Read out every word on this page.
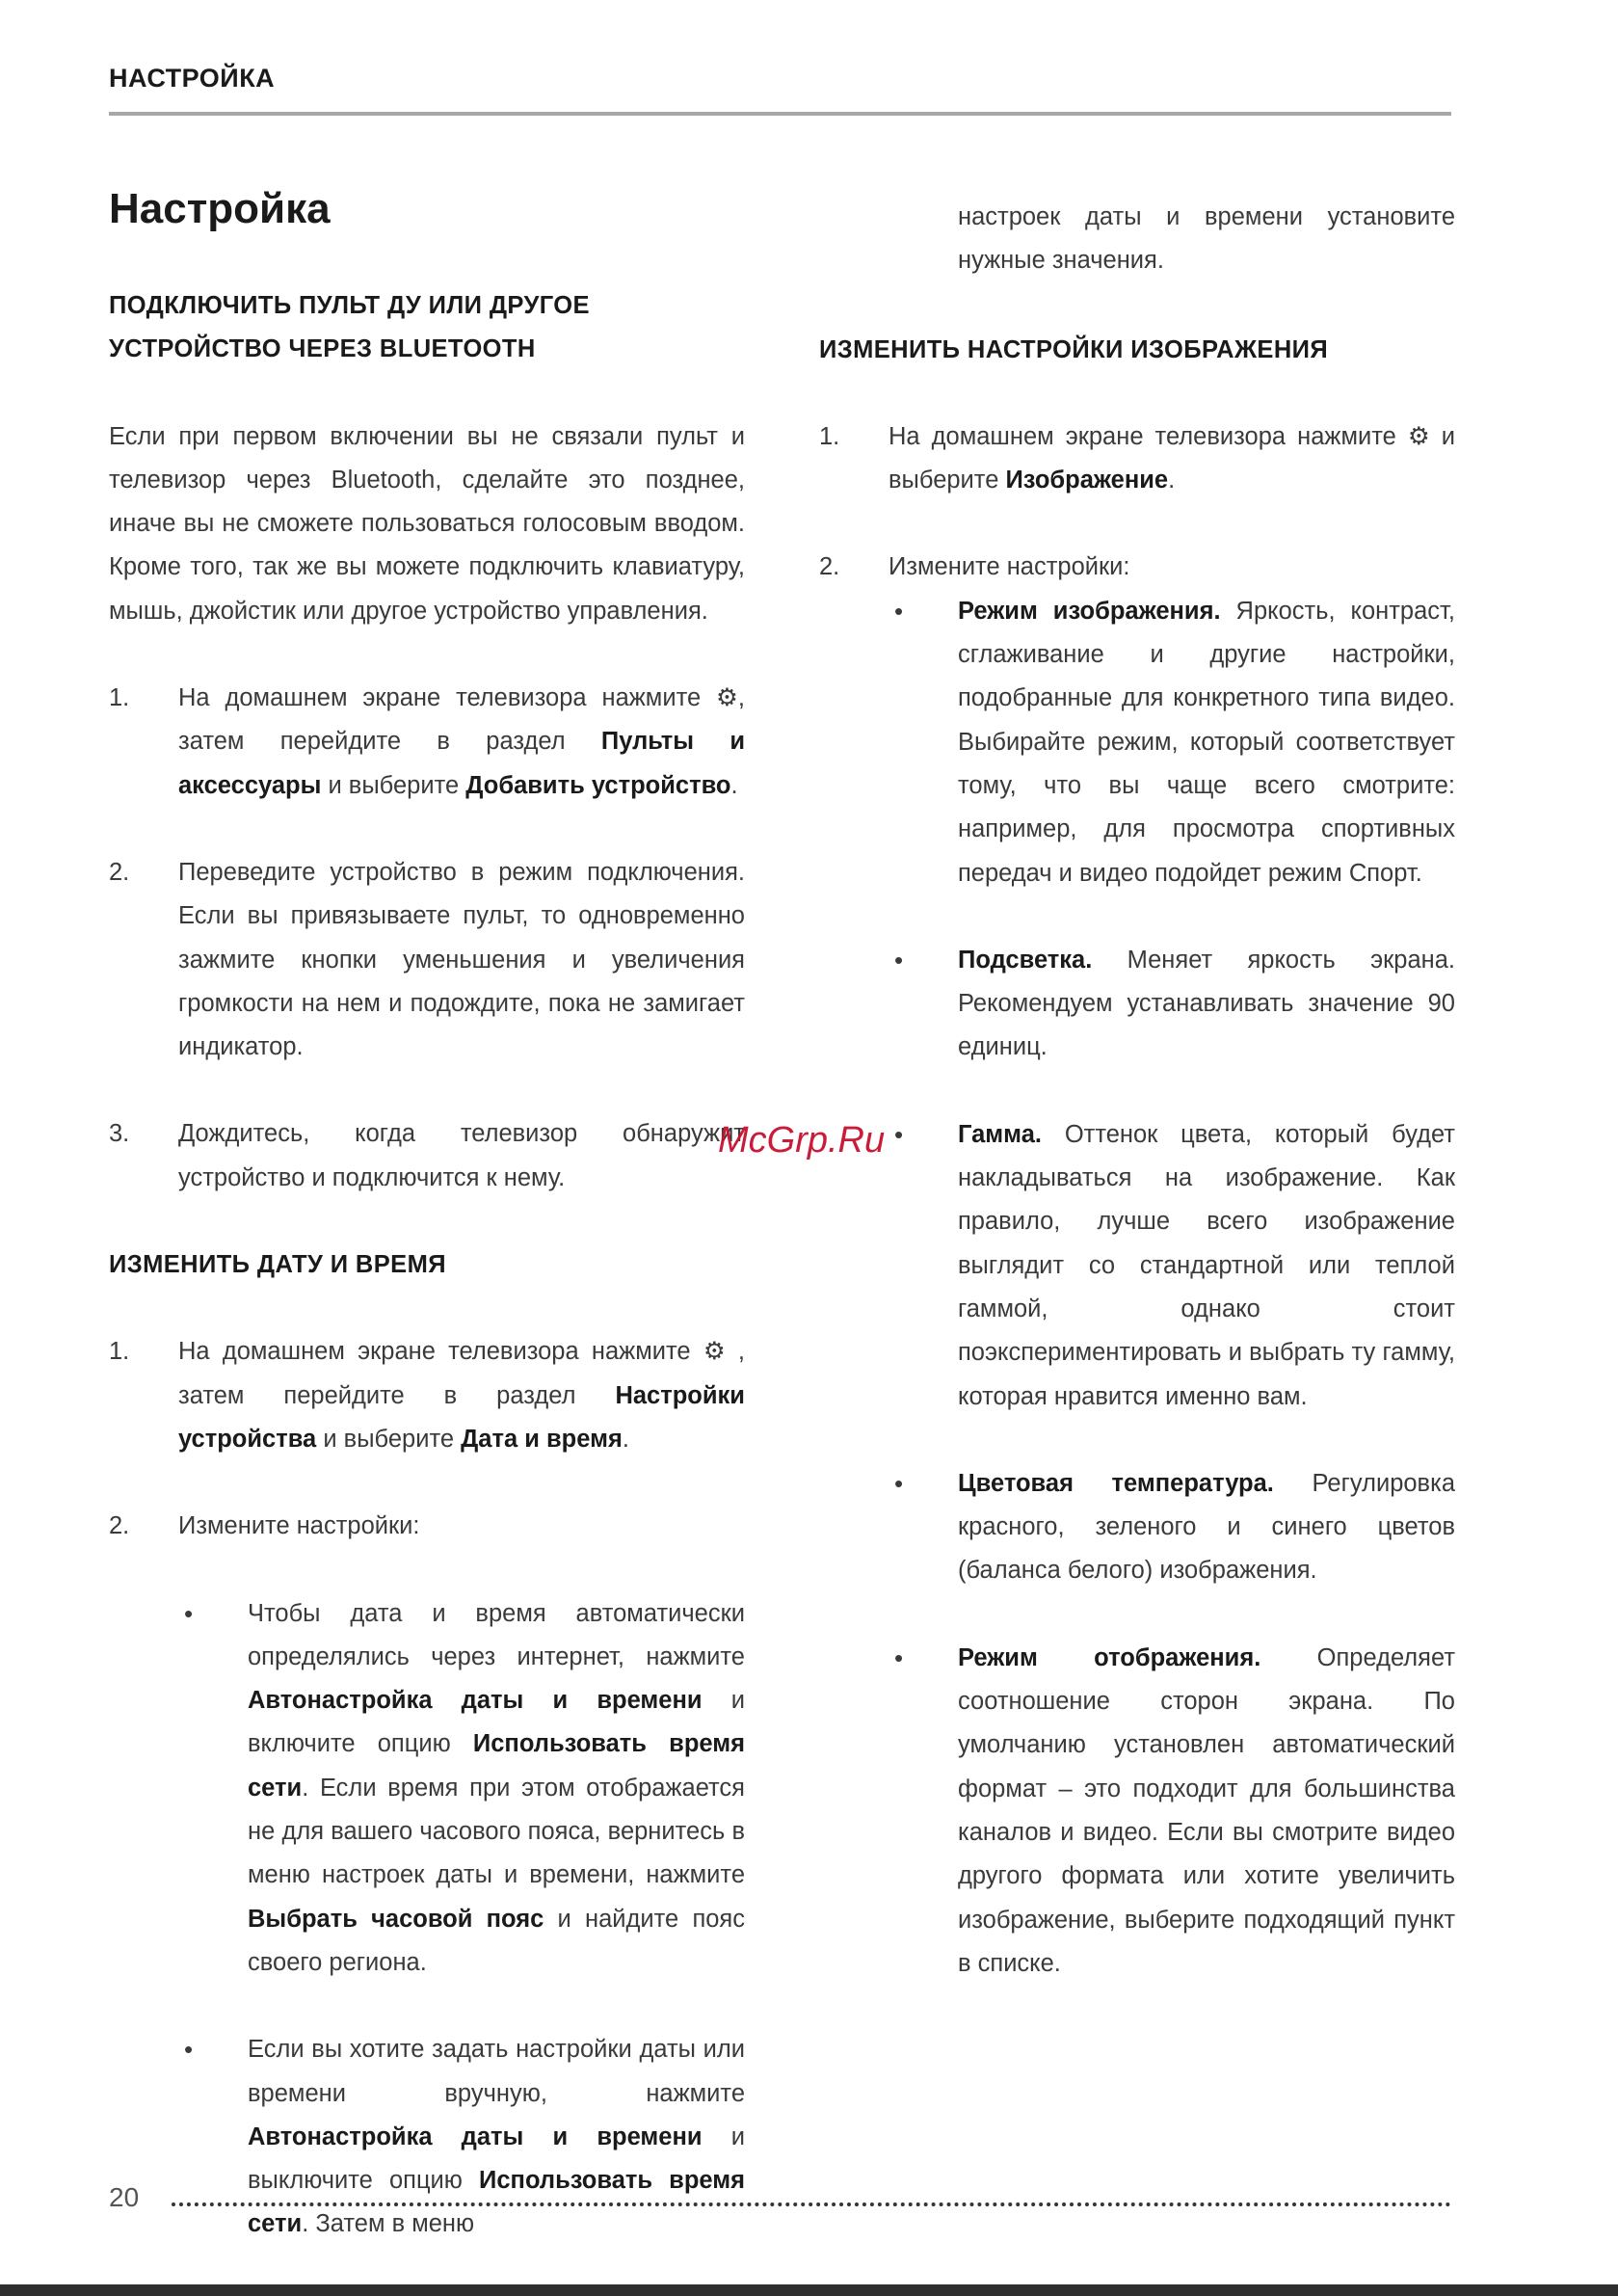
НАСТРОЙКА
Настройка
ПОДКЛЮЧИТЬ ПУЛЬТ ДУ ИЛИ ДРУГОЕ
УСТРОЙСТВО ЧЕРЕЗ BLUETOOTH

Если при первом включении вы не связали пульт и телевизор через Bluetooth, сделайте это позднее, иначе вы не сможете пользоваться голосовым вводом. Кроме того, так же вы можете подключить клавиатуру, мышь, джойстик или другое устройство управления.

1. На домашнем экране телевизора нажмите ⚙, затем перейдите в раздел Пульты и аксессуары и выберите Добавить устройство.
2. Переведите устройство в режим подключения. Если вы привязываете пульт, то одновременно зажмите кнопки уменьшения и увеличения громкости на нем и подождите, пока не замигает индикатор.
3. Дождитесь, когда телевизор обнаружит устройство и подключится к нему.
ИЗМЕНИТЬ ДАТУ И ВРЕМЯ
1. На домашнем экране телевизора нажмите ⚙ , затем перейдите в раздел Настройки устройства и выберите Дата и время.
2. Измените настройки:
• Чтобы дата и время автоматически определялись через интернет, нажмите Автонастройка даты и времени и включите опцию Использовать время сети. Если время при этом отображается не для вашего часового пояса, вернитесь в меню настроек даты и времени, нажмите Выбрать часовой пояс и найдите пояс своего региона.
• Если вы хотите задать настройки даты или времени вручную, нажмите Автонастройка даты и времени и выключите опцию Использовать время сети. Затем в меню
настроек даты и времени установите нужные значения.
ИЗМЕНИТЬ НАСТРОЙКИ ИЗОБРАЖЕНИЯ
1. На домашнем экране телевизора нажмите ⚙ и выберите Изображение.
2. Измените настройки:
• Режим изображения. Яркость, контраст, сглаживание и другие настройки, подобранные для конкретного типа видео. Выбирайте режим, который соответствует тому, что вы чаще всего смотрите: например, для просмотра спортивных передач и видео подойдет режим Спорт.
• Подсветка. Меняет яркость экрана. Рекомендуем устанавливать значение 90 единиц.
• Гамма. Оттенок цвета, который будет накладываться на изображение. Как правило, лучше всего изображение выглядит со стандартной или теплой гаммой, однако стоит поэкспериментировать и выбрать ту гамму, которая нравится именно вам.
• Цветовая температура. Регулировка красного, зеленого и синего цветов (баланса белого) изображения.
• Режим отображения. Определяет соотношение сторон экрана. По умолчанию установлен автоматический формат – это подходит для большинства каналов и видео. Если вы смотрите видео другого формата или хотите увеличить изображение, выберите подходящий пункт в списке.
McGrp.Ru
20
